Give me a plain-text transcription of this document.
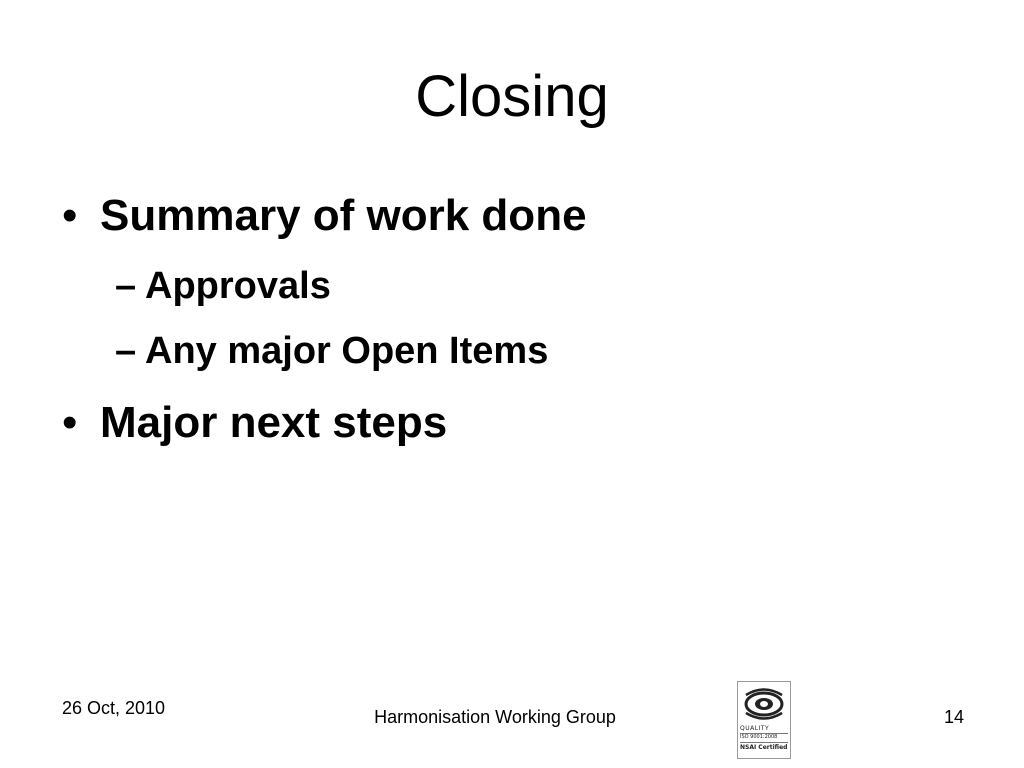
Closing
• Summary of work done
– Approvals
– Any major Open Items
• Major next steps
26 Oct, 2010	Harmonisation Working Group
QUALITY
ISO 9001:2008
NSAI Certified
14
